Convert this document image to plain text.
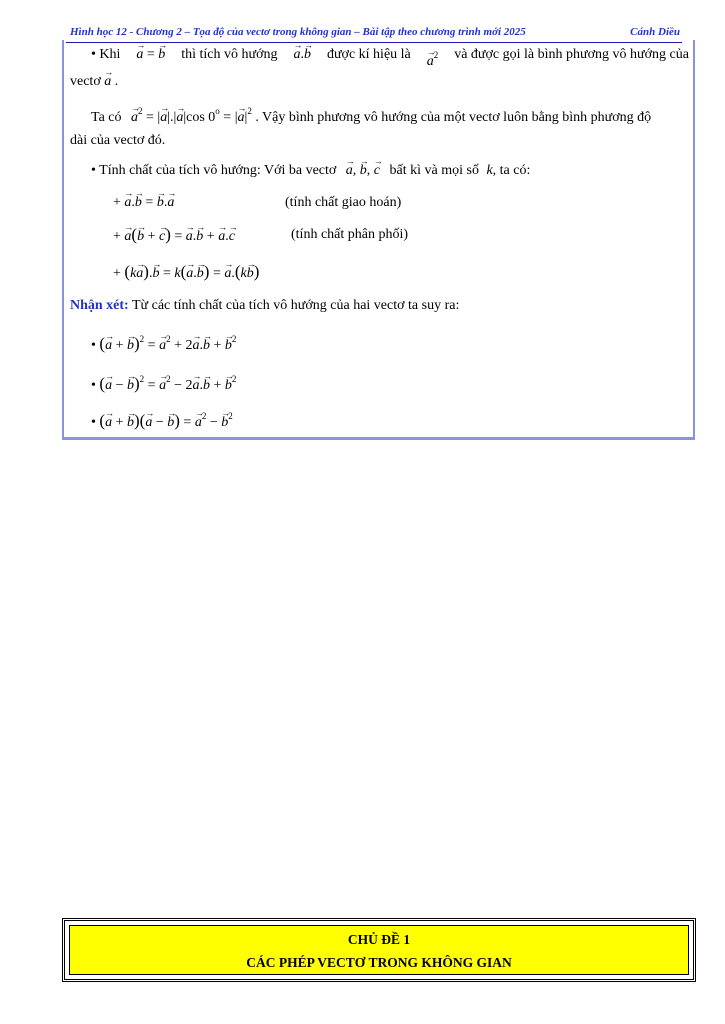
Hình học 12 - Chương 2 – Tọa độ của vectơ trong không gian – Bài tập theo chương trình mới 2025	Cánh Diều
• Khi → a = → b thì tích vô hướng → a.→ b được kí hiệu là → $a^2$ và được gọi là bình phương vô hướng của
vectơ → a .
Ta có → $a^2$ = |→ a|.|→ a|cos $0^o$ = |→ $a|^2$ . Vậy bình phương vô hướng của một vectơ luôn bằng bình phương độ
dài của vectơ đó.
• Tính chất của tích vô hướng: Với ba vectơ → a, → b, → c bất kì và mọi số k, ta có:
+ → a.→ b = → b.→ a	(tính chất giao hoán)
+ → a(→ b + → c) = → a.→ b + → a.→ c	(tính chất phân phối)
+ (k→ a).→ b = k(→ a.→ b) = → a.(k→ b)
Nhận xét: Từ các tính chất của tích vô hướng của hai vectơ ta suy ra:
• (→ a + → b)$^2$ = → $a^2 + 2\to a.\to b$ + → $b^2$
• (→ a − → b)$^2$ = → $a^2 - 2\to a.\to b$ + → $b^2$
• (→ a + → b)(→ a − → b) = → $a^2$ − → $b^2$
CHỦ ĐỀ 1
CÁC PHÉP VECTƠ TRONG KHÔNG GIAN
